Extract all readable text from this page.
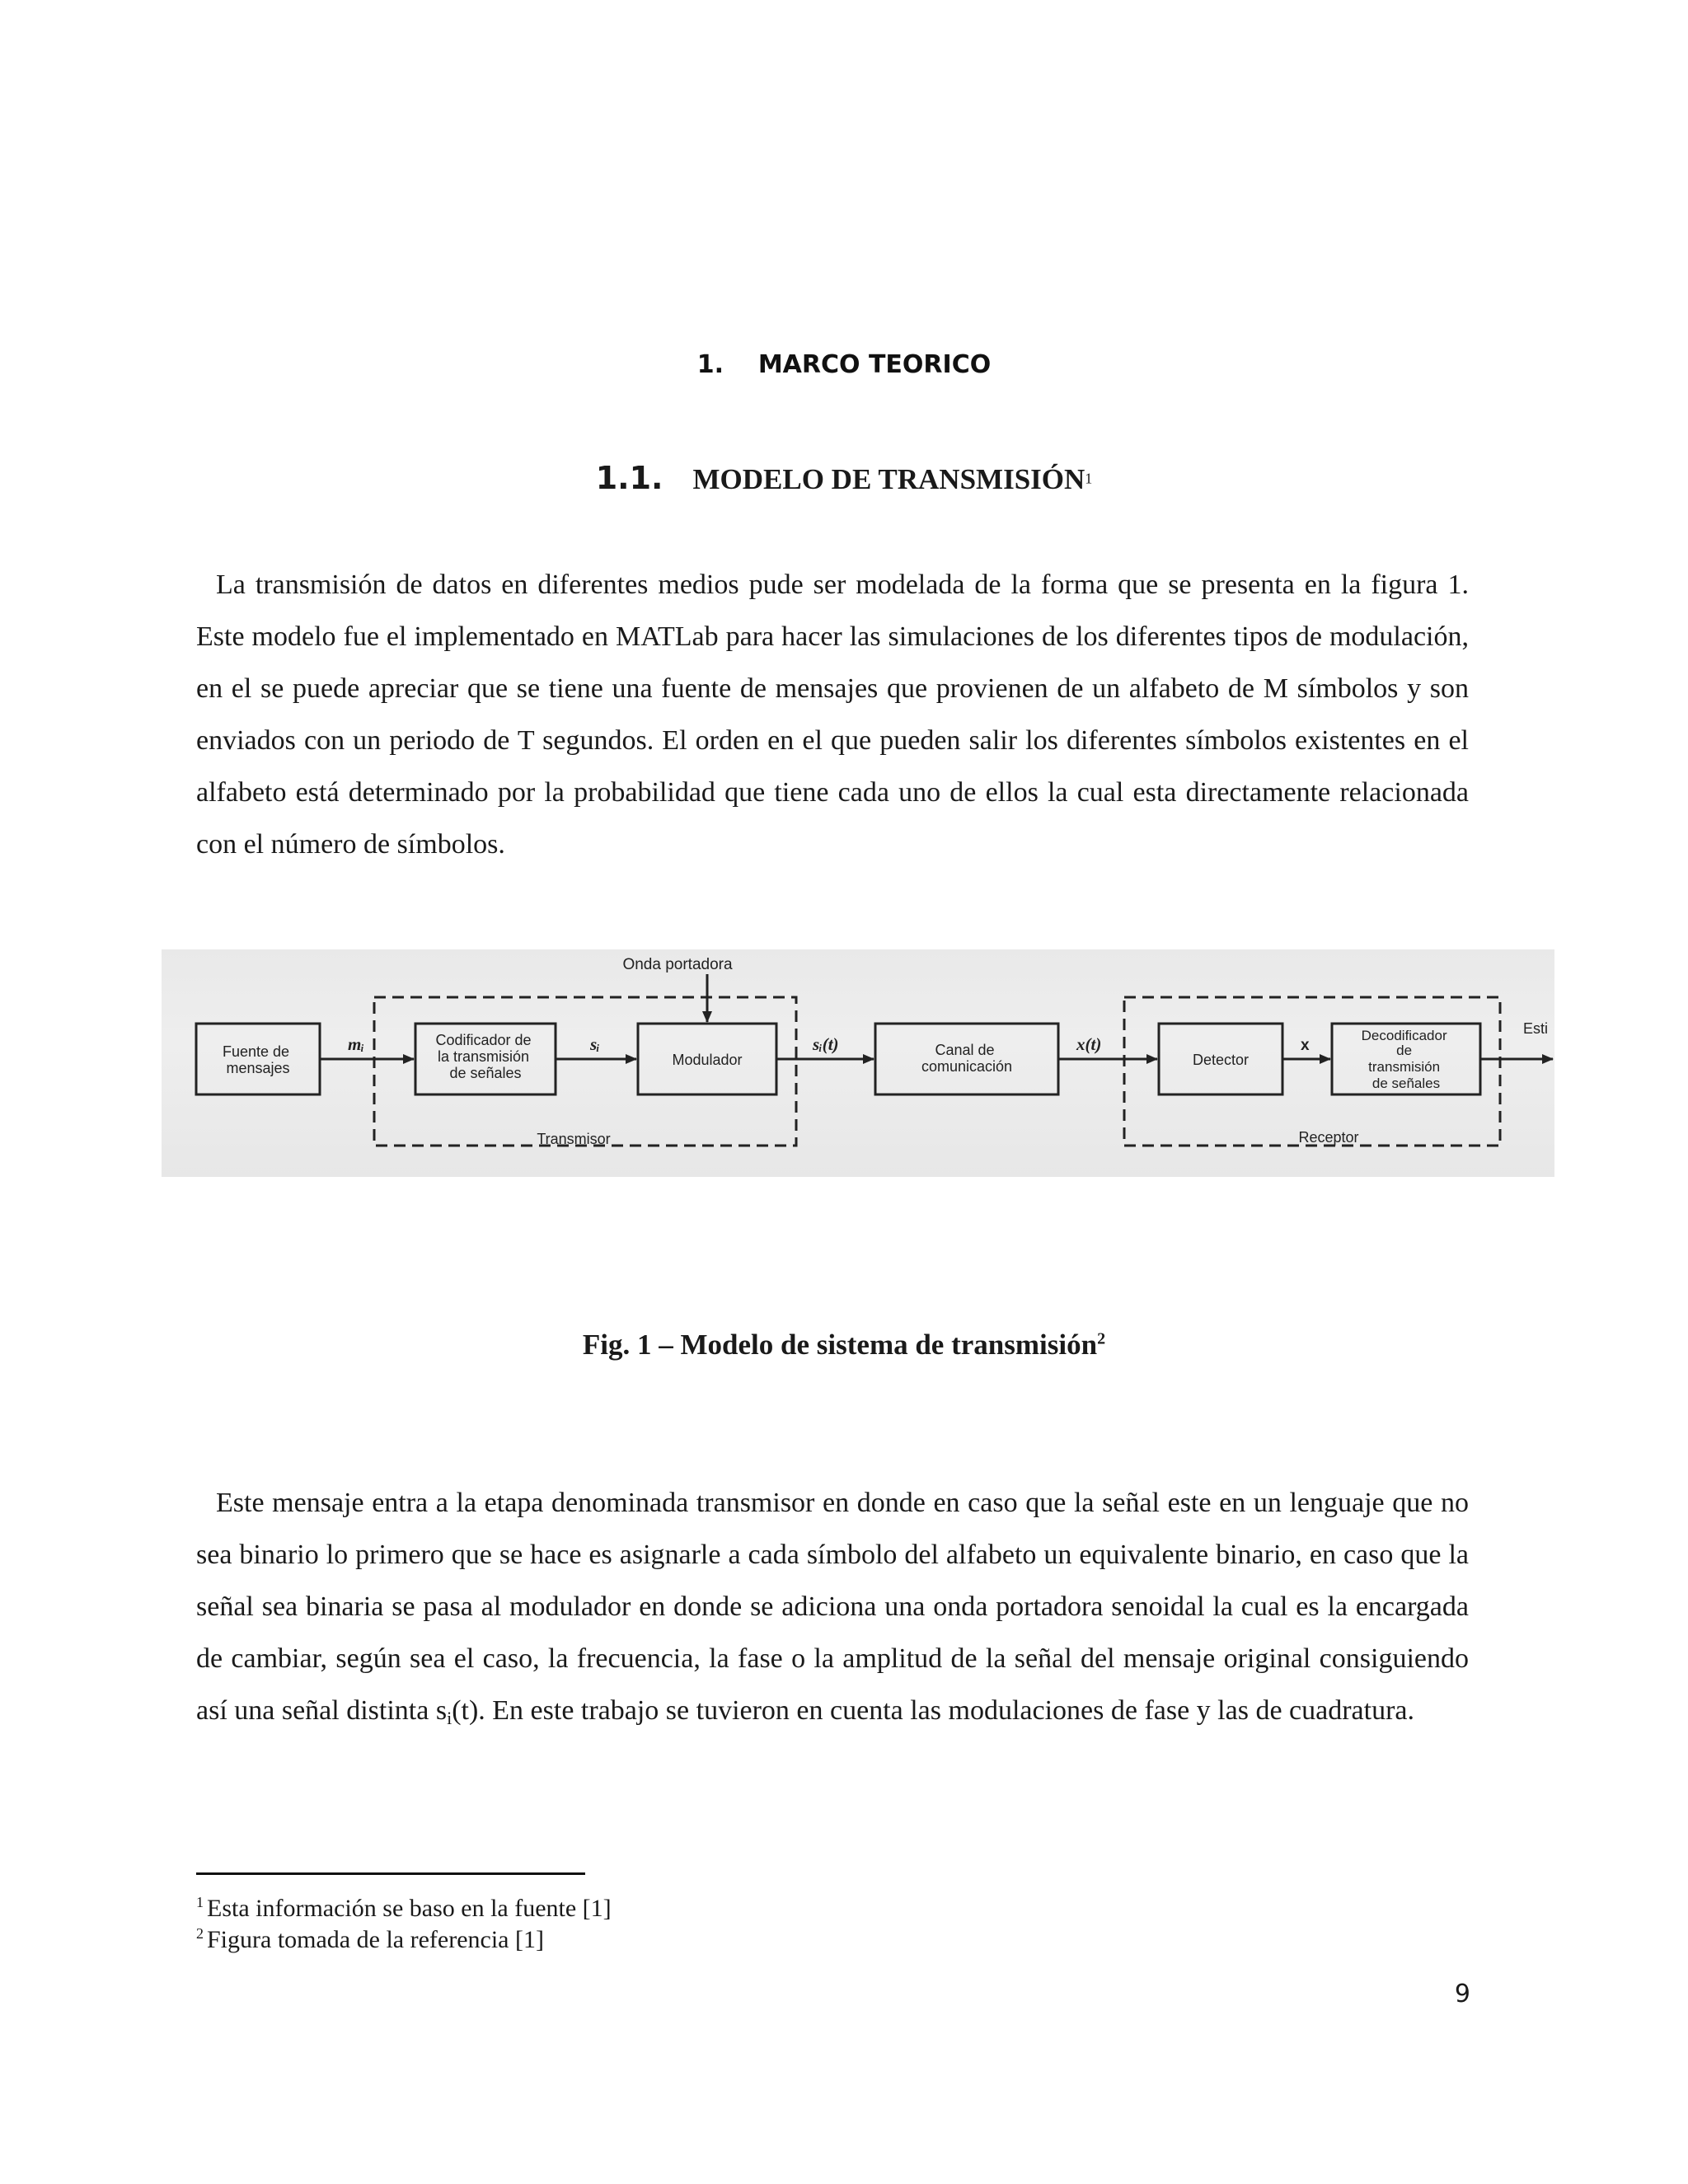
1.    MARCO TEORICO
1.1. MODELO DE TRANSMISIÓN$^1$

La transmisión de datos en diferentes medios pude ser modelada de la forma que se presenta en la figura 1. Este modelo fue el implementado en MATLab para hacer las simulaciones de los diferentes tipos de modulación, en el se puede apreciar que se tiene una fuente de mensajes que provienen de un alfabeto de M símbolos y son enviados con un periodo de T segundos. El orden en el que pueden salir los diferentes símbolos existentes en el alfabeto está determinado por la probabilidad que tiene cada uno de ellos la cual esta directamente relacionada con el número de símbolos.

Onda portadora
Fuente de mensajes
Codificador de la transmisión de señales
Modulador
Canal de comunicación	Detector
Decodificador de transmisión de señales
mᵢ	sᵢ	sᵢ(t)	x(t)	x
Esti
Transmisor	Receptor
Fig. 1 – Modelo de sistema de transmisión$^2$

Este mensaje entra a la etapa denominada transmisor en donde en caso que la señal este en un lenguaje que no sea binario lo primero que se hace es asignarle a cada símbolo del alfabeto un equivalente binario, en caso que la señal sea binaria se pasa al modulador en donde se adiciona una onda portadora senoidal la cual es la encargada de cambiar, según sea el caso, la frecuencia, la fase o la amplitud de la señal del mensaje original consiguiendo así una señal distinta $s_i(t)$. En este trabajo se tuvieron en cuenta las modulaciones de fase y las de cuadratura.

$^1$ Esta información se baso en la fuente [1]
$^2$ Figura tomada de la referencia [1]
9
